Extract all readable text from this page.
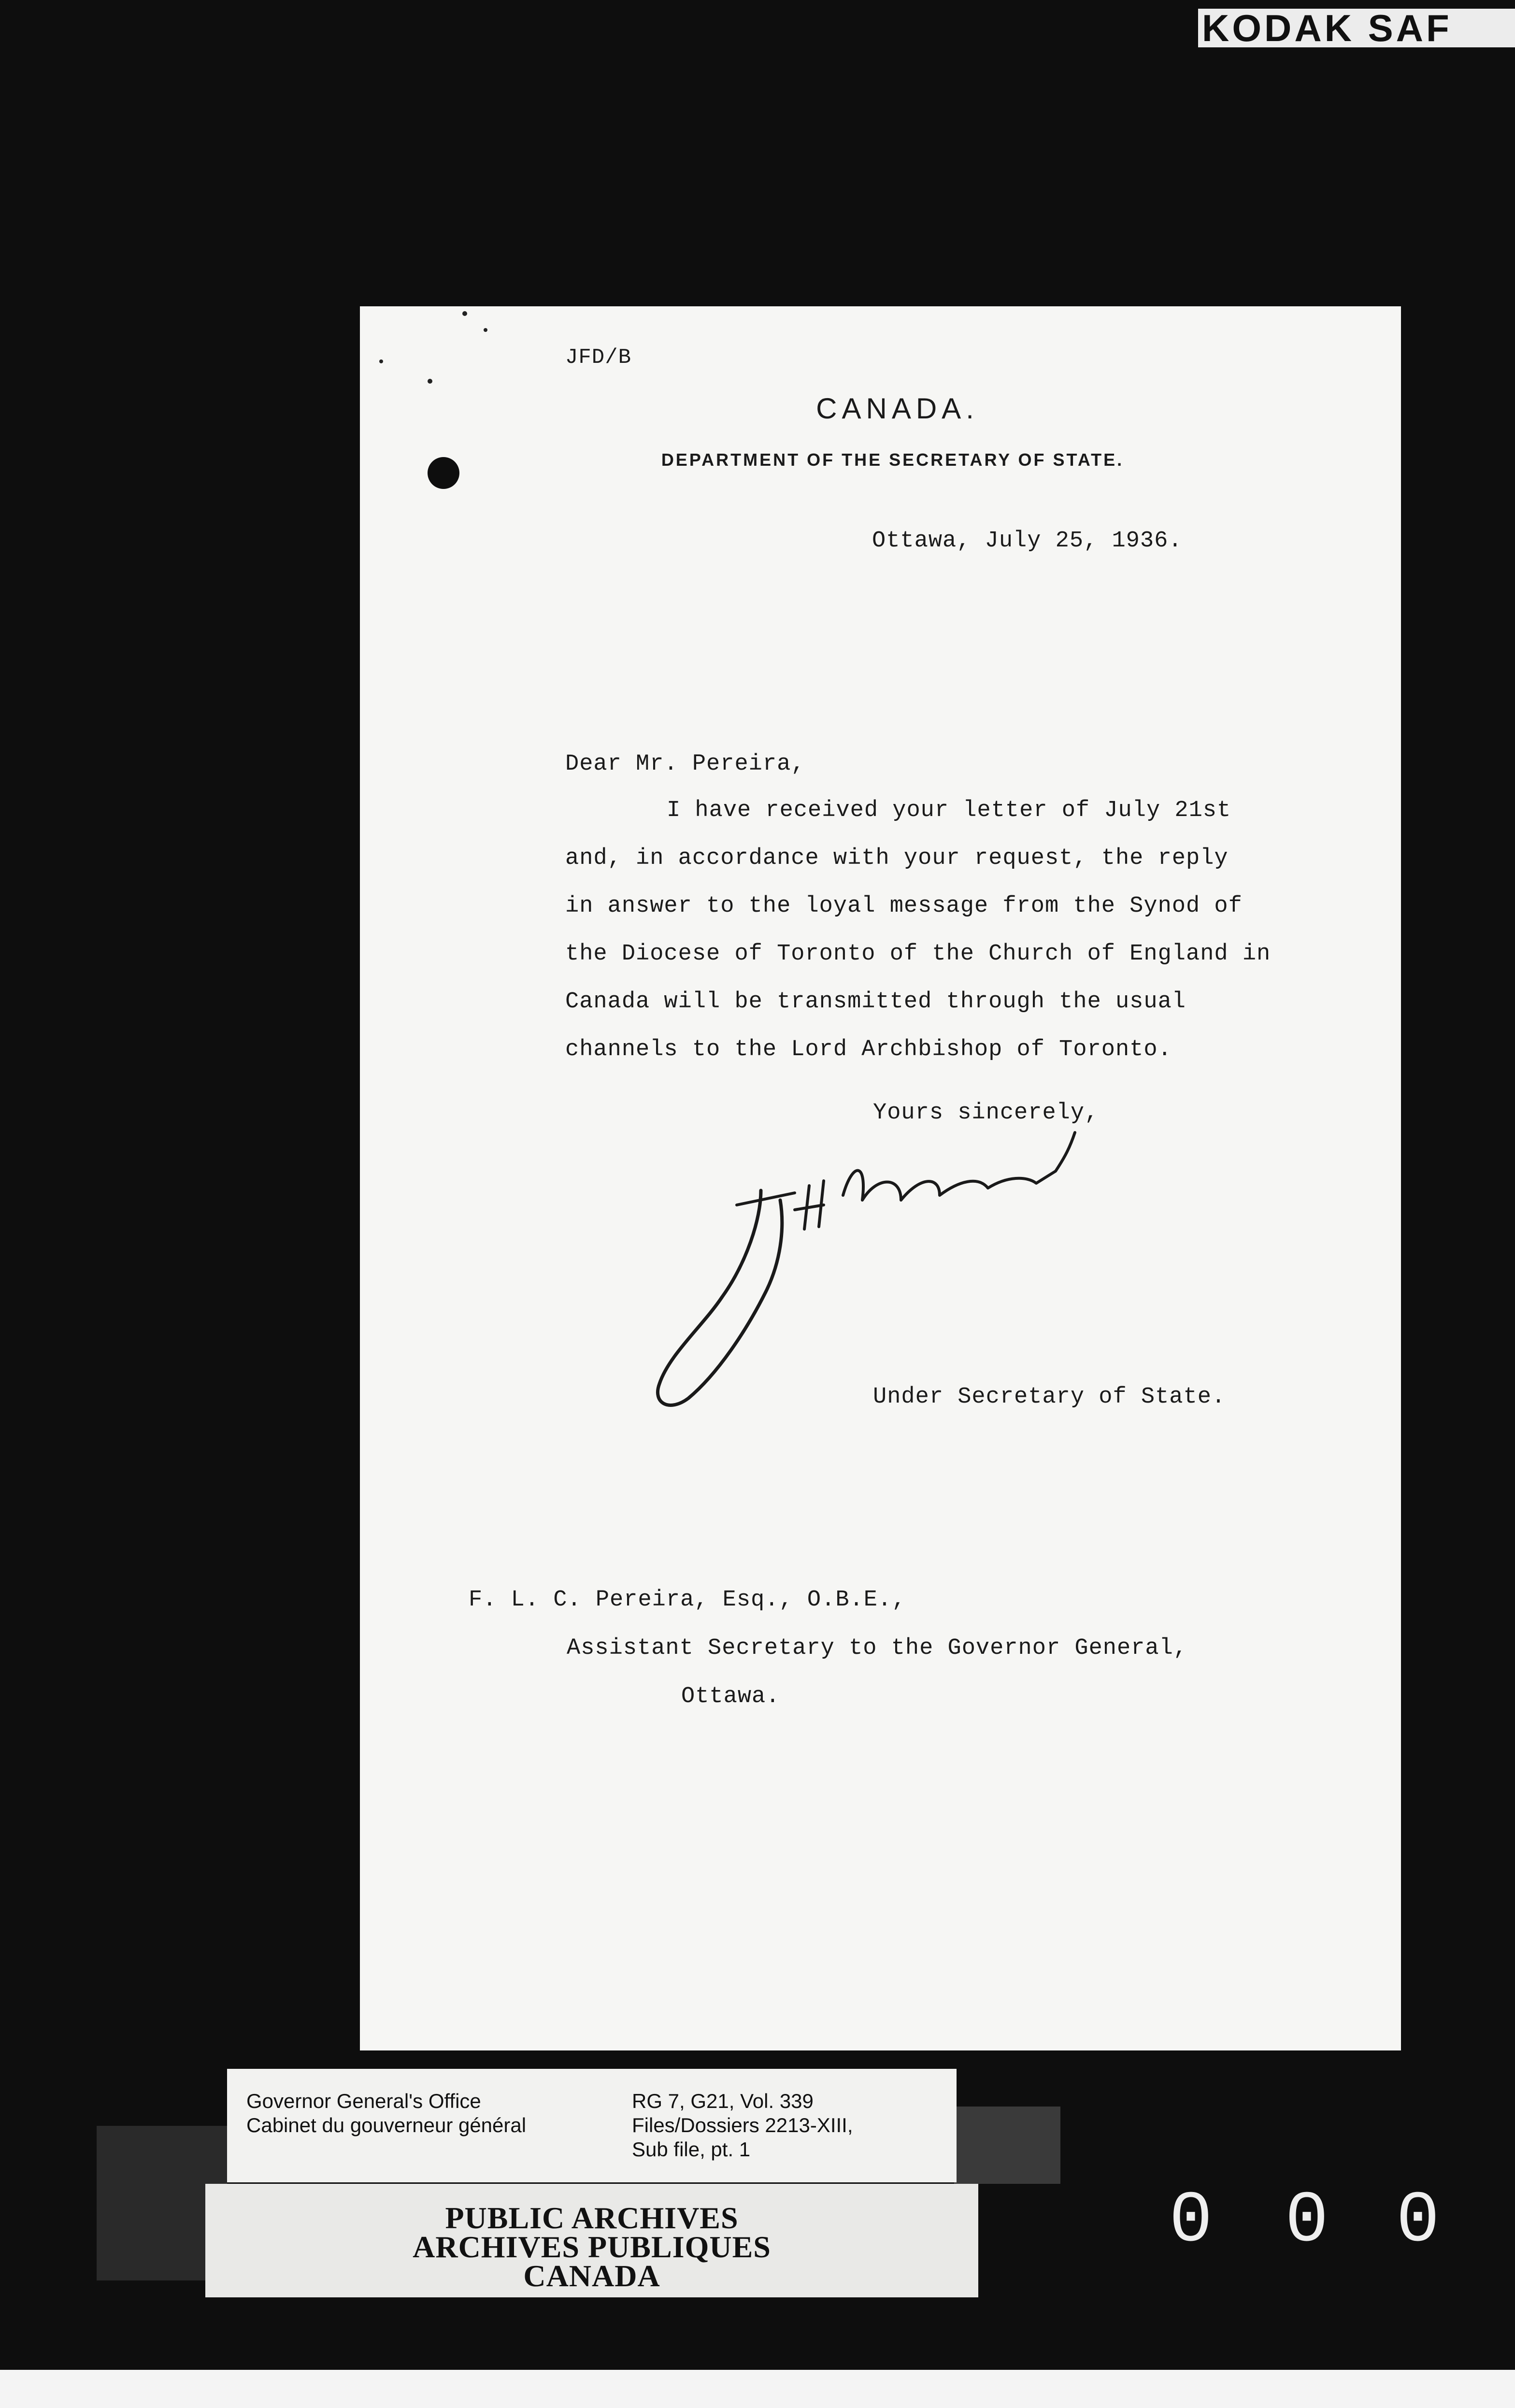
KODAK SAF
JFD/B
CANADA.
DEPARTMENT OF THE SECRETARY OF STATE.
Ottawa, July 25, 1936.
Dear Mr. Pereira,
I have received your letter of July 21st
and, in accordance with your request, the reply
in answer to the loyal message from the Synod of
the Diocese of Toronto of the Church of England in
Canada will be transmitted through the usual
channels to the Lord Archbishop of Toronto.
Yours sincerely,
Under Secretary of State.
F. L. C. Pereira, Esq., O.B.E.,
Assistant Secretary to the Governor General,
Ottawa.
Governor General's Office
Cabinet du gouverneur général
RG 7, G21, Vol. 339
Files/Dossiers 2213-XIII,
Sub file, pt. 1
PUBLIC ARCHIVES
ARCHIVES PUBLIQUES
CANADA
0 0 0
